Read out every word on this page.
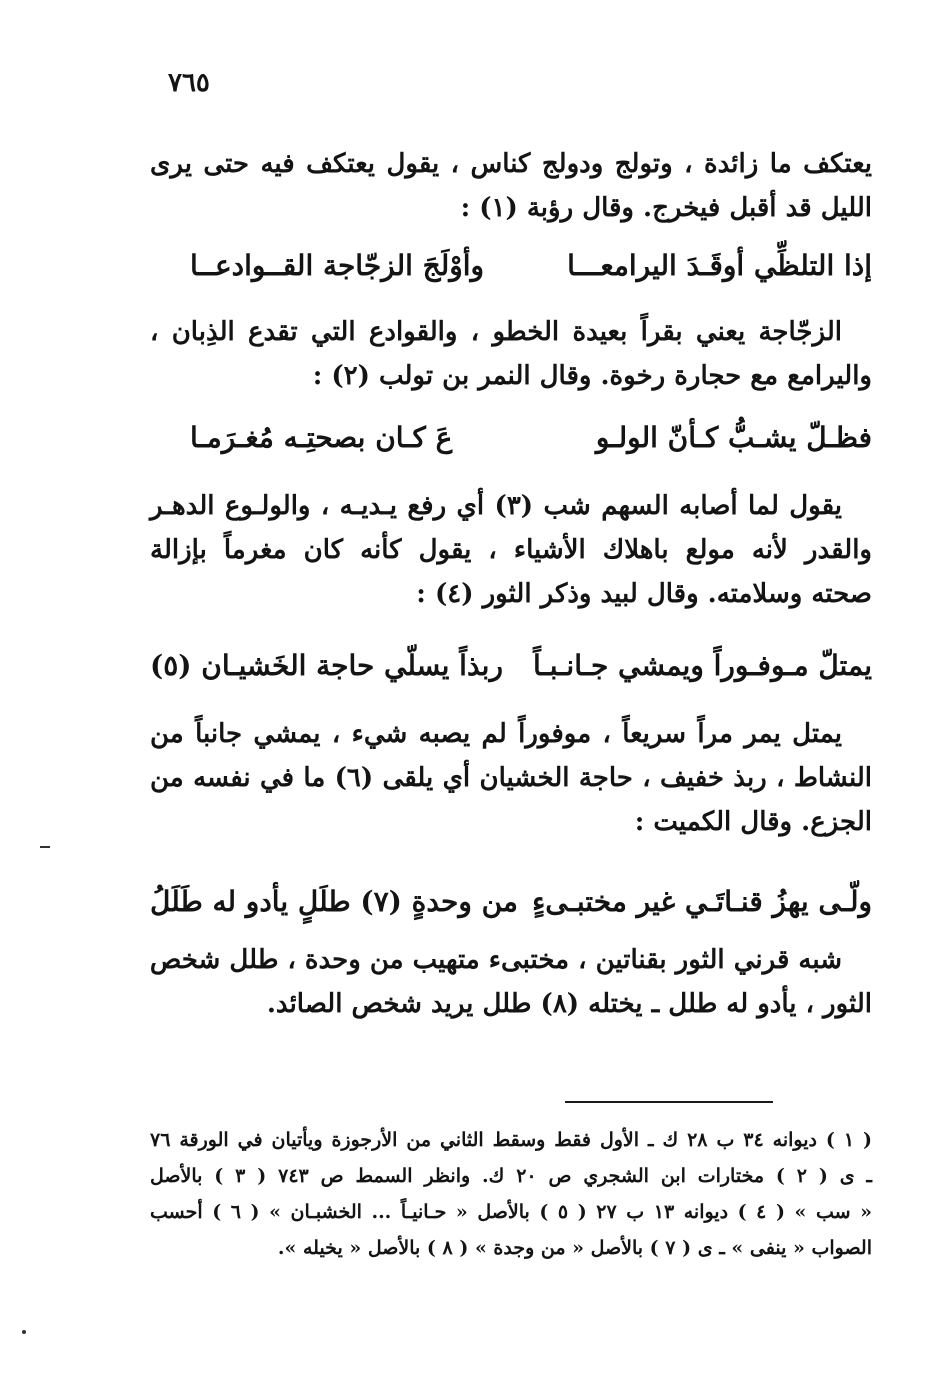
٧٦٥
يعتكف ما زائدة ، وتولج ودولج كناس ، يقول يعتكف فيه حتى يرى
الليل قد أقبل فيخرج. وقال رؤبة (١) :
إذا التلظِّي أوقَـدَ اليرامعـــا
وأوْلَجَ الزجّاجة القــوادعــا
الزجّاجة يعني بقراً بعيدة الخطو ، والقوادع التي تقدع الذِبان ،
واليرامع مع حجارة رخوة. وقال النمر بن تولب (٢) :
فظـلّ يشـبُّ كـأنّ الولـو
عَ كـان بصحتِـه مُغـرَمـا
يقول لما أصابه السهم شب (٣) أي رفع يـديـه ، والولـوع الدهـر
والقدر لأنه مولع باهلاك الأشياء ، يقول كأنه كان مغرماً بإزالة
صحته وسلامته. وقال لبيد وذكر الثور (٤) :
يمتلّ مـوفـوراً ويمشي جـانـبـاً
ربذاً يسلّي حاجة الخَشيـان (٥)
يمتل يمر مراً سريعاً ، موفوراً لم يصبه شيء ، يمشي جانباً من
النشاط ، ربذ خفيف ، حاجة الخشيان أي يلقى (٦) ما في نفسه من
الجزع. وقال الكميت :
ولّـى يهزُ قنـاتَـي غير مختبـىءٍ
من وحدةٍ (٧) طلَلٍ يأدو له طَلَلُ
شبه قرني الثور بقناتين ، مختبىء متهيب من وحدة ، طلل شخص
الثور ، يأدو له طلل ـ يختله (٨) طلل يريد شخص الصائد.
( ١ ) ديوانه ٣٤ ب ٢٨ ك ـ الأول فقط وسقط الثاني من الأرجوزة ويأتيان في الورقة ٧٦
ـ ى ( ٢ ) مختارات ابن الشجري ص ٢٠ ك. وانظر السمط ص ٧٤٣ ( ٣ ) بالأصل
« سب » ( ٤ ) ديوانه ١٣ ب ٢٧ ( ٥ ) بالأصل « حـانيـاً ... الخشبـان » ( ٦ ) أحسب
الصواب « ينفى » ـ ى ( ٧ ) بالأصل « من وجدة » ( ٨ ) بالأصل « يخيله ».
